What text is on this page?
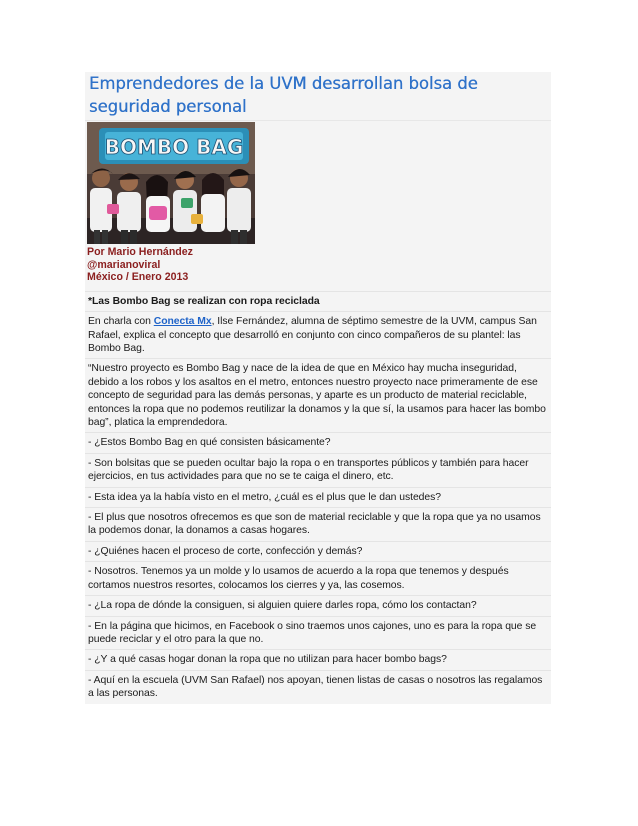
Emprendedores de la UVM desarrollan bolsa de seguridad personal
BOMBO BAG
Por Mario Hernández
@marianoviral
México / Enero 2013
*Las Bombo Bag se realizan con ropa reciclada
En charla con Conecta Mx, Ilse Fernández, alumna de séptimo semestre de la UVM, campus San Rafael, explica el concepto que desarrolló en conjunto con cinco compañeros de su plantel: las Bombo Bag.
“Nuestro proyecto es Bombo Bag y nace de la idea de que en México hay mucha inseguridad, debido a los robos y los asaltos en el metro, entonces nuestro proyecto nace primeramente de ese concepto de seguridad para las demás personas, y aparte es un producto de material reciclable, entonces la ropa que no podemos reutilizar la donamos y la que sí, la usamos para hacer las bombo bag”, platica la emprendedora.
- ¿Estos Bombo Bag en qué consisten básicamente?
- Son bolsitas que se pueden ocultar bajo la ropa o en transportes públicos y también para hacer ejercicios, en tus actividades para que no se te caiga el dinero, etc.
- Esta idea ya la había visto en el metro, ¿cuál es el plus que le dan ustedes?
- El plus que nosotros ofrecemos es que son de material reciclable y que la ropa que ya no usamos la podemos donar, la donamos a casas hogares.
- ¿Quiénes hacen el proceso de corte, confección y demás?
- Nosotros. Tenemos ya un molde y lo usamos de acuerdo a la ropa que tenemos y después cortamos nuestros resortes, colocamos los cierres y ya, las cosemos.
- ¿La ropa de dónde la consiguen, si alguien quiere darles ropa, cómo los contactan?
- En la página que hicimos, en Facebook o sino traemos unos cajones, uno es para la ropa que se puede reciclar y el otro para la que no.
- ¿Y a qué casas hogar donan la ropa que no utilizan para hacer bombo bags?
- Aquí en la escuela (UVM San Rafael) nos apoyan, tienen listas de casas o nosotros las regalamos a las personas.
